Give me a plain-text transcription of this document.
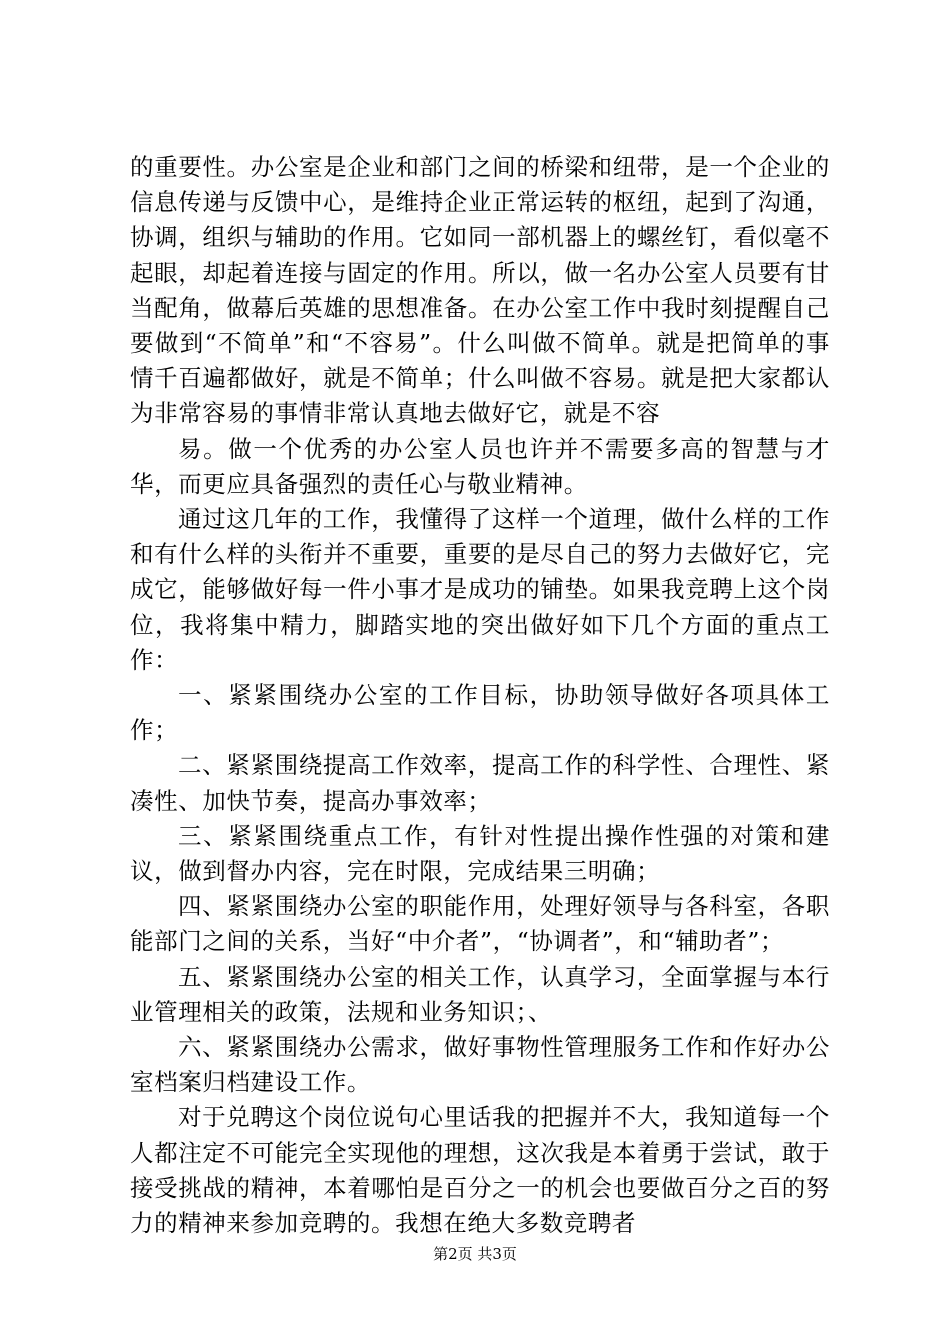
的重要性。办公室是企业和部门之间的桥梁和纽带，是一个企业的信息传递与反馈中心，是维持企业正常运转的枢纽，起到了沟通，协调，组织与辅助的作用。它如同一部机器上的螺丝钉，看似毫不起眼，却起着连接与固定的作用。所以，做一名办公室人员要有甘当配角，做幕后英雄的思想准备。在办公室工作中我时刻提醒自己要做到“不简单”和“不容易”。什么叫做不简单。就是把简单的事情千百遍都做好，就是不简单；什么叫做不容易。就是把大家都认为非常容易的事情非常认真地去做好它，就是不容

易。做一个优秀的办公室人员也许并不需要多高的智慧与才华，而更应具备强烈的责任心与敬业精神。

通过这几年的工作，我懂得了这样一个道理，做什么样的工作和有什么样的头衔并不重要，重要的是尽自己的努力去做好它，完成它，能够做好每一件小事才是成功的铺垫。如果我竞聘上这个岗位，我将集中精力，脚踏实地的突出做好如下几个方面的重点工作：

一、紧紧围绕办公室的工作目标，协助领导做好各项具体工作；

二、紧紧围绕提高工作效率，提高工作的科学性、合理性、紧凑性、加快节奏，提高办事效率；

三、紧紧围绕重点工作，有针对性提出操作性强的对策和建议，做到督办内容，完在时限，完成结果三明确；

四、紧紧围绕办公室的职能作用，处理好领导与各科室，各职能部门之间的关系，当好“中介者”，“协调者”，和“辅助者”；

五、紧紧围绕办公室的相关工作，认真学习，全面掌握与本行业管理相关的政策，法规和业务知识；、

六、紧紧围绕办公需求，做好事物性管理服务工作和作好办公室档案归档建设工作。

对于兑聘这个岗位说句心里话我的把握并不大，我知道每一个人都注定不可能完全实现他的理想，这次我是本着勇于尝试，敢于接受挑战的精神，本着哪怕是百分之一的机会也要做百分之百的努力的精神来参加竞聘的。我想在绝大多数竞聘者

第2页 共3页
